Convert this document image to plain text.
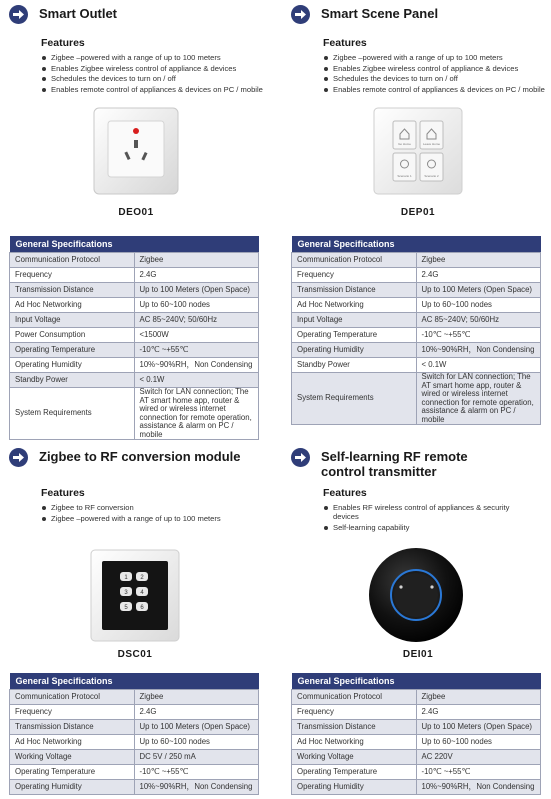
Smart Outlet
Features
Zigbee –powered with a range of up to 100 meters
Enables Zigbee wireless control of appliance & devices
Schedules the devices to turn on / off
Enables remote control of appliances & devices on PC / mobile
DEO01
General Specifications	
Communication Protocol	Zigbee
Frequency	2.4G
Transmission Distance	Up to 100 Meters (Open Space)
Ad Hoc Networking	Up to 60~100 nodes
Input Voltage	AC 85~240V; 50/60Hz
Power Consumption	<1500W
Operating Temperature	-10℃ ~+55℃
Operating Humidity	10%~90%RH，Non Condensing
Standby Power	< 0.1W
System Requirements	Switch for LAN connection; The AT smart home app, router & wired or wireless internet connection for remote operation, assistance & alarm on PC / mobile
Smart Scene Panel
Features
Zigbee –powered with a range of up to 100 meters
Enables Zigbee wireless control of appliance & devices
Schedules the devices to turn on / off
Enables remote control of appliances & devices on PC / mobile
Go Home	Leave Home
Scenario 1	Scenario 2
DEP01
General Specifications	
Communication Protocol	Zigbee
Frequency	2.4G
Transmission Distance	Up to 100 Meters (Open Space)
Ad Hoc Networking	Up to 60~100 nodes
Input Voltage	AC 85~240V; 50/60Hz
Operating Temperature	-10℃ ~+55℃
Operating Humidity	10%~90%RH，Non Condensing
Standby Power	< 0.1W
System Requirements	Switch for LAN connection; The AT smart home app, router & wired or wireless internet connection for remote operation, assistance & alarm on PC / mobile
Zigbee to RF conversion module
Features
Zigbee to RF conversion
Zigbee –powered with a range of up to 100 meters
1 2
3 4
5 6
DSC01
General Specifications	
Communication Protocol	Zigbee
Frequency	2.4G
Transmission Distance	Up to 100 Meters (Open Space)
Ad Hoc Networking	Up to 60~100 nodes
Working Voltage	DC 5V / 250 mA
Operating Temperature	-10℃ ~+55℃
Operating Humidity	10%~90%RH，Non Condensing
Self-learning RF remote control transmitter
Features
Enables RF wireless control of appliances & security devices
Self-learning capability
DEI01
General Specifications	
Communication Protocol	Zigbee
Frequency	2.4G
Transmission Distance	Up to 100 Meters (Open Space)
Ad Hoc Networking	Up to 60~100 nodes
Working Voltage	AC 220V
Operating Temperature	-10℃ ~+55℃
Operating Humidity	10%~90%RH，Non Condensing
